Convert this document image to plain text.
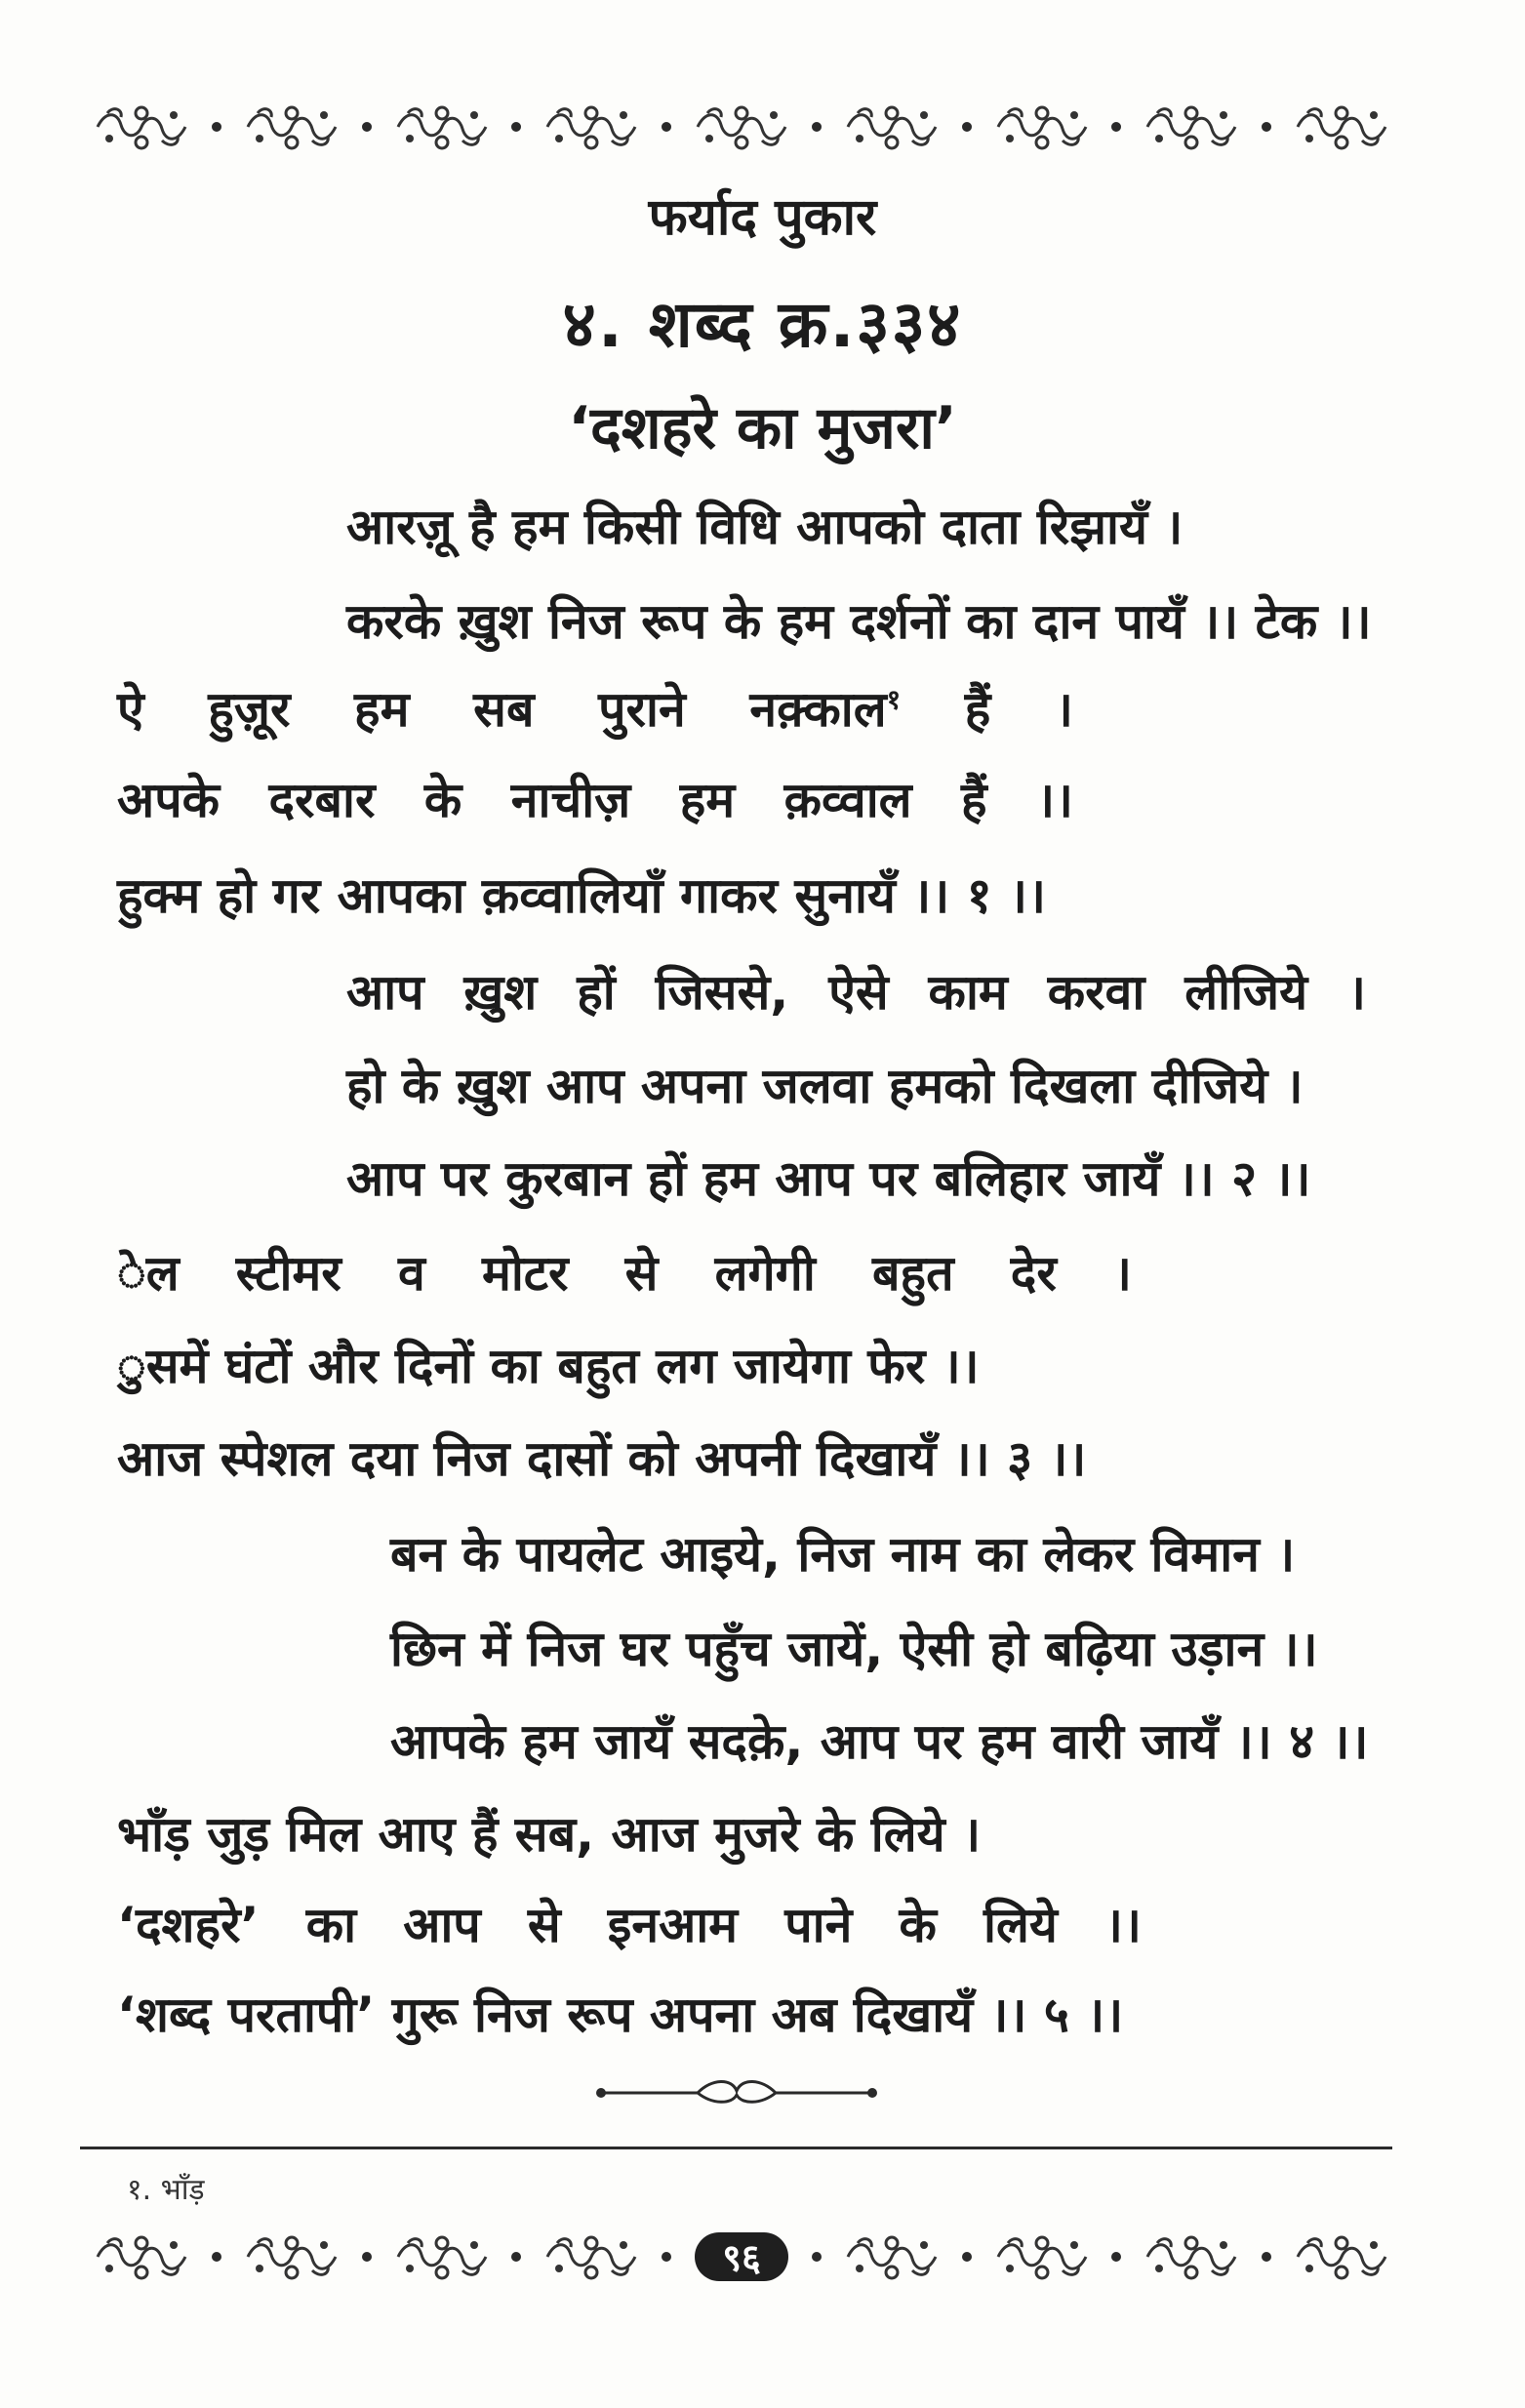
फर्याद पुकार
४. शब्द क्र.३३४
‘दशहरे का मुजरा’
आरज़ू है हम किसी विधि आपको दाता रिझायँ ।
करके ख़ुश निज रूप के हम दर्शनों का दान पायँ ।। टेक ।।
ऐ हुज़ूर हम सब पुराने नक़्काल$^१$ हैं ।
अपके दरबार के नाचीज़ हम क़व्वाल हैं ।।
हुक्म हो गर आपका क़व्वालियाँ गाकर सुनायँ ।। १ ।।
आप ख़ुश हों जिससे, ऐसे काम करवा लीजिये ।
हो के ख़ुश आप अपना जलवा हमको दिखला दीजिये ।
आप पर कुरबान हों हम आप पर बलिहार जायँ ।। २ ।।
ेल स्टीमर व मोटर से लगेगी बहुत देर ।
ुसमें घंटों और दिनों का बहुत लग जायेगा फेर ।।
आज स्पेशल दया निज दासों को अपनी दिखायँ ।। ३ ।।
बन के पायलेट आइये, निज नाम का लेकर विमान ।
छिन में निज घर पहुँच जायें, ऐसी हो बढ़िया उड़ान ।।
आपके हम जायँ सदक़े, आप पर हम वारी जायँ ।। ४ ।।
भाँड़ जुड़ मिल आए हैं सब, आज मुजरे के लिये ।
‘दशहरे’ का आप से इनआम पाने के लिये ।।
‘शब्द परतापी’ गुरू निज रूप अपना अब दिखायँ ।। ५ ।।
१. भाँड़
९६
